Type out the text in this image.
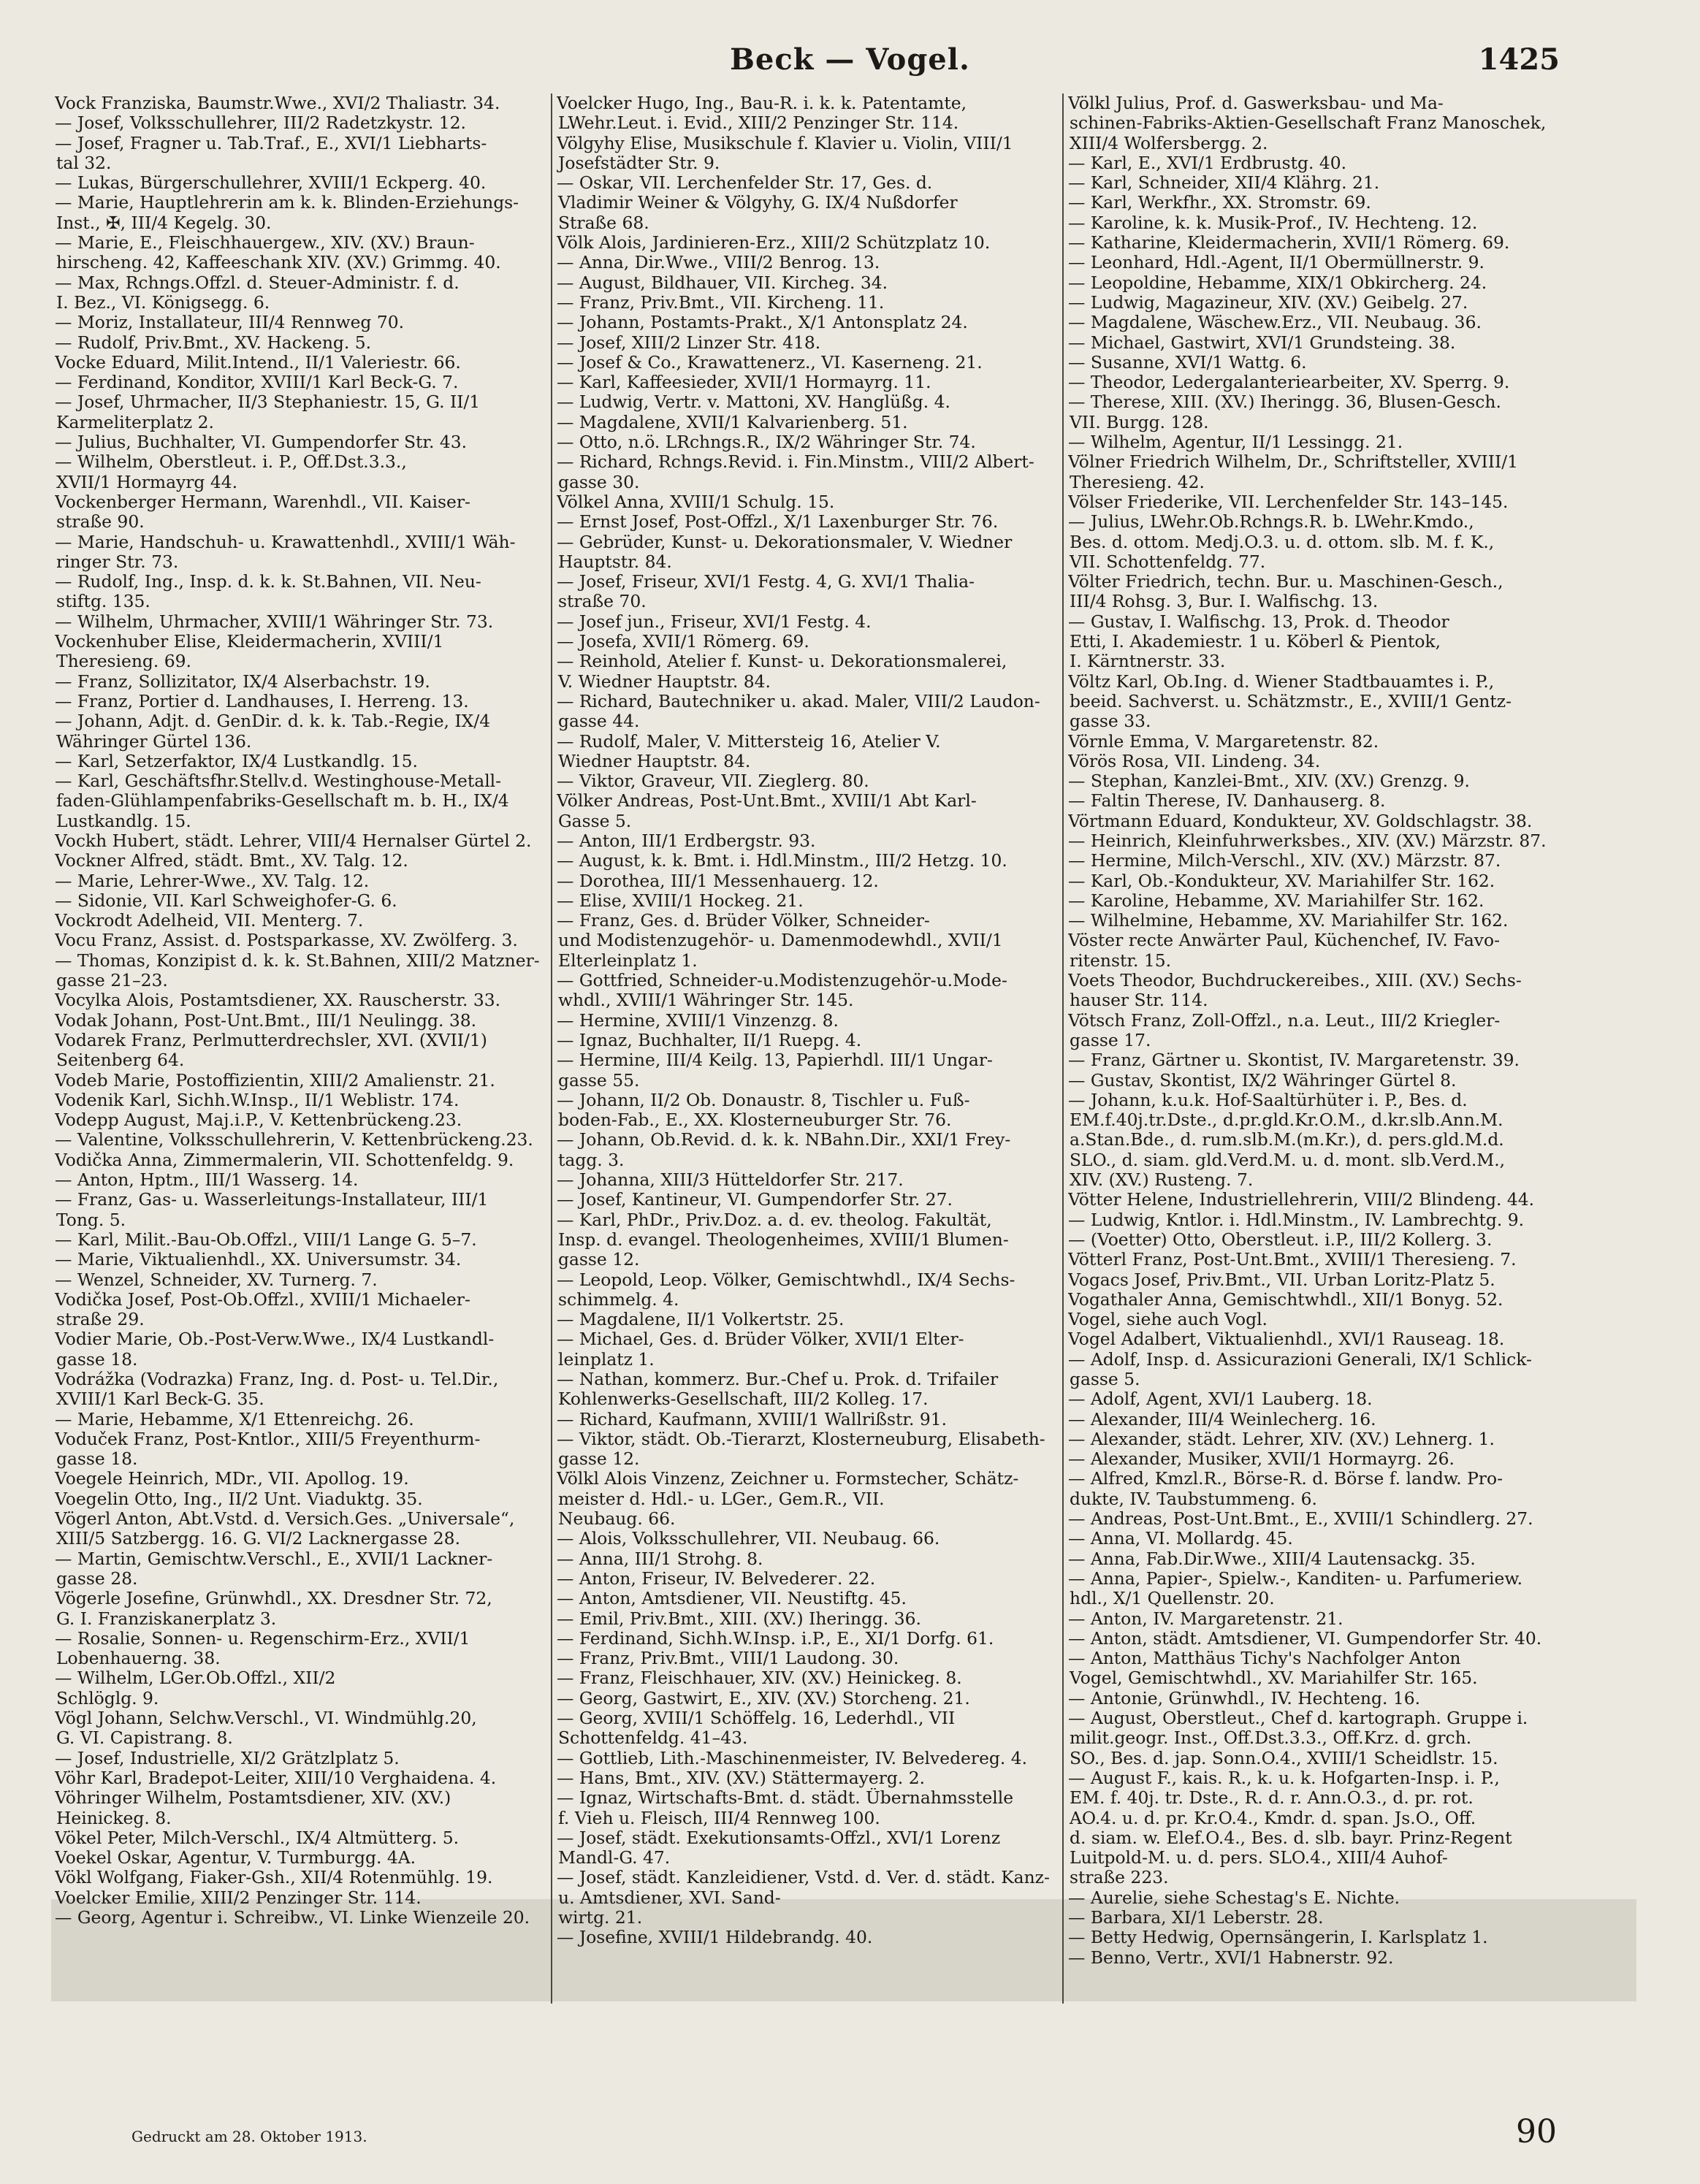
Beck — Vogel.	1425
Vock Franziska, Baumstr.Wwe., XVI/2 Thaliastr. 34.
— Josef, Volksschullehrer, III/2 Radetzkystr. 12.
— Josef, Fragner u. Tab.Traf., E., XVI/1 Liebharts-
tal 32.
— Lukas, Bürgerschullehrer, XVIII/1 Eckperg. 40.
— Marie, Hauptlehrerin am k. k. Blinden-Erziehungs-
Inst., ✠, III/4 Kegelg. 30.
— Marie, E., Fleischhauergew., XIV. (XV.) Braun-
hirscheng. 42, Kaffeeschank XIV. (XV.) Grimmg. 40.
— Max, Rchngs.Offzl. d. Steuer-Administr. f. d.
I. Bez., VI. Königsegg. 6.
— Moriz, Installateur, III/4 Rennweg 70.
— Rudolf, Priv.Bmt., XV. Hackeng. 5.
Vocke Eduard, Milit.Intend., II/1 Valeriestr. 66.
— Ferdinand, Konditor, XVIII/1 Karl Beck-G. 7.
— Josef, Uhrmacher, II/3 Stephaniestr. 15, G. II/1
Karmeliterplatz 2.
— Julius, Buchhalter, VI. Gumpendorfer Str. 43.
— Wilhelm, Oberstleut. i. P., Off.Dst.3.3.,
XVII/1 Hormayrg 44.
Vockenberger Hermann, Warenhdl., VII. Kaiser-
straße 90.
— Marie, Handschuh- u. Krawattenhdl., XVIII/1 Wäh-
ringer Str. 73.
— Rudolf, Ing., Insp. d. k. k. St.Bahnen, VII. Neu-
stiftg. 135.
— Wilhelm, Uhrmacher, XVIII/1 Währinger Str. 73.
Vockenhuber Elise, Kleidermacherin, XVIII/1
Theresieng. 69.
— Franz, Sollizitator, IX/4 Alserbachstr. 19.
— Franz, Portier d. Landhauses, I. Herreng. 13.
— Johann, Adjt. d. GenDir. d. k. k. Tab.-Regie, IX/4
Währinger Gürtel 136.
— Karl, Setzerfaktor, IX/4 Lustkandlg. 15.
— Karl, Geschäftsfhr.Stellv.d. Westinghouse-Metall-
faden-Glühlampenfabriks-Gesellschaft m. b. H., IX/4
Lustkandlg. 15.
Vockh Hubert, städt. Lehrer, VIII/4 Hernalser Gürtel 2.
Vockner Alfred, städt. Bmt., XV. Talg. 12.
— Marie, Lehrer-Wwe., XV. Talg. 12.
— Sidonie, VII. Karl Schweighofer-G. 6.
Vockrodt Adelheid, VII. Menterg. 7.
Vocu Franz, Assist. d. Postsparkasse, XV. Zwölferg. 3.
— Thomas, Konzipist d. k. k. St.Bahnen, XIII/2 Matzner-
gasse 21–23.
Vocylka Alois, Postamtsdiener, XX. Rauscherstr. 33.
Vodak Johann, Post-Unt.Bmt., III/1 Neulingg. 38.
Vodarek Franz, Perlmutterdrechsler, XVI. (XVII/1)
Seitenberg 64.
Vodeb Marie, Postoffizientin, XIII/2 Amalienstr. 21.
Vodenik Karl, Sichh.W.Insp., II/1 Weblistr. 174.
Vodepp August, Maj.i.P., V. Kettenbrückeng.23.
— Valentine, Volksschullehrerin, V. Kettenbrückeng.23.
Vodička Anna, Zimmermalerin, VII. Schottenfeldg. 9.
— Anton, Hptm., III/1 Wasserg. 14.
— Franz, Gas- u. Wasserleitungs-Installateur, III/1
Tong. 5.
— Karl, Milit.-Bau-Ob.Offzl., VIII/1 Lange G. 5–7.
— Marie, Viktualienhdl., XX. Universumstr. 34.
— Wenzel, Schneider, XV. Turnerg. 7.
Vodička Josef, Post-Ob.Offzl., XVIII/1 Michaeler-
straße 29.
Vodier Marie, Ob.-Post-Verw.Wwe., IX/4 Lustkandl-
gasse 18.
Vodrážka (Vodrazka) Franz, Ing. d. Post- u. Tel.Dir.,
XVIII/1 Karl Beck-G. 35.
— Marie, Hebamme, X/1 Ettenreichg. 26.
Voduček Franz, Post-Kntlor., XIII/5 Freyenthurm-
gasse 18.
Voegele Heinrich, MDr., VII. Apollog. 19.
Voegelin Otto, Ing., II/2 Unt. Viaduktg. 35.
Vögerl Anton, Abt.Vstd. d. Versich.Ges. „Universale“,
XIII/5 Satzbergg. 16. G. VI/2 Lacknergasse 28.
— Martin, Gemischtw.Verschl., E., XVII/1 Lackner-
gasse 28.
Vögerle Josefine, Grünwhdl., XX. Dresdner Str. 72,
G. I. Franziskanerplatz 3.
— Rosalie, Sonnen- u. Regenschirm-Erz., XVII/1
Lobenhauerng. 38.
— Wilhelm, LGer.Ob.Offzl., XII/2
Schlöglg. 9.
Vögl Johann, Selchw.Verschl., VI. Windmühlg.20,
G. VI. Capistrang. 8.
— Josef, Industrielle, XI/2 Grätzlplatz 5.
Vöhr Karl, Bradepot-Leiter, XIII/10 Verghaidena. 4.
Vöhringer Wilhelm, Postamtsdiener, XIV. (XV.)
Heinickeg. 8.
Vökel Peter, Milch-Verschl., IX/4 Altmütterg. 5.
Voekel Oskar, Agentur, V. Turmburgg. 4A.
Vökl Wolfgang, Fiaker-Gsh., XII/4 Rotenmühlg. 19.
Voelcker Emilie, XIII/2 Penzinger Str. 114.
— Georg, Agentur i. Schreibw., VI. Linke Wienzeile 20.
Voelcker Hugo, Ing., Bau-R. i. k. k. Patentamte,
LWehr.Leut. i. Evid., XIII/2 Penzinger Str. 114.
Völgyhy Elise, Musikschule f. Klavier u. Violin, VIII/1
Josefstädter Str. 9.
— Oskar, VII. Lerchenfelder Str. 17, Ges. d.
Vladimir Weiner & Völgyhy, G. IX/4 Nußdorfer
Straße 68.
Völk Alois, Jardinieren-Erz., XIII/2 Schützplatz 10.
— Anna, Dir.Wwe., VIII/2 Benrog. 13.
— August, Bildhauer, VII. Kircheg. 34.
— Franz, Priv.Bmt., VII. Kircheng. 11.
— Johann, Postamts-Prakt., X/1 Antonsplatz 24.
— Josef, XIII/2 Linzer Str. 418.
— Josef & Co., Krawattenerz., VI. Kaserneng. 21.
— Karl, Kaffeesieder, XVII/1 Hormayrg. 11.
— Ludwig, Vertr. v. Mattoni, XV. Hanglüßg. 4.
— Magdalene, XVII/1 Kalvarienberg. 51.
— Otto, n.ö. LRchngs.R., IX/2 Währinger Str. 74.
— Richard, Rchngs.Revid. i. Fin.Minstm., VIII/2 Albert-
gasse 30.
Völkel Anna, XVIII/1 Schulg. 15.
— Ernst Josef, Post-Offzl., X/1 Laxenburger Str. 76.
— Gebrüder, Kunst- u. Dekorationsmaler, V. Wiedner
Hauptstr. 84.
— Josef, Friseur, XVI/1 Festg. 4, G. XVI/1 Thalia-
straße 70.
— Josef jun., Friseur, XVI/1 Festg. 4.
— Josefa, XVII/1 Römerg. 69.
— Reinhold, Atelier f. Kunst- u. Dekorationsmalerei,
V. Wiedner Hauptstr. 84.
— Richard, Bautechniker u. akad. Maler, VIII/2 Laudon-
gasse 44.
— Rudolf, Maler, V. Mittersteig 16, Atelier V.
Wiedner Hauptstr. 84.
— Viktor, Graveur, VII. Zieglerg. 80.
Völker Andreas, Post-Unt.Bmt., XVIII/1 Abt Karl-
Gasse 5.
— Anton, III/1 Erdbergstr. 93.
— August, k. k. Bmt. i. Hdl.Minstm., III/2 Hetzg. 10.
— Dorothea, III/1 Messenhauerg. 12.
— Elise, XVIII/1 Hockeg. 21.
— Franz, Ges. d. Brüder Völker, Schneider-
und Modistenzugehör- u. Damenmodewhdl., XVII/1
Elterleinplatz 1.
— Gottfried, Schneider-u.Modistenzugehör-u.Mode-
whdl., XVIII/1 Währinger Str. 145.
— Hermine, XVIII/1 Vinzenzg. 8.
— Ignaz, Buchhalter, II/1 Ruepg. 4.
— Hermine, III/4 Keilg. 13, Papierhdl. III/1 Ungar-
gasse 55.
— Johann, II/2 Ob. Donaustr. 8, Tischler u. Fuß-
boden-Fab., E., XX. Klosterneuburger Str. 76.
— Johann, Ob.Revid. d. k. k. NBahn.Dir., XXI/1 Frey-
tagg. 3.
— Johanna, XIII/3 Hütteldorfer Str. 217.
— Josef, Kantineur, VI. Gumpendorfer Str. 27.
— Karl, PhDr., Priv.Doz. a. d. ev. theolog. Fakultät,
Insp. d. evangel. Theologenheimes, XVIII/1 Blumen-
gasse 12.
— Leopold, Leop. Völker, Gemischtwhdl., IX/4 Sechs-
schimmelg. 4.
— Magdalene, II/1 Volkertstr. 25.
— Michael, Ges. d. Brüder Völker, XVII/1 Elter-
leinplatz 1.
— Nathan, kommerz. Bur.-Chef u. Prok. d. Trifailer
Kohlenwerks-Gesellschaft, III/2 Kolleg. 17.
— Richard, Kaufmann, XVIII/1 Wallrißstr. 91.
— Viktor, städt. Ob.-Tierarzt, Klosterneuburg, Elisabeth-
gasse 12.
Völkl Alois Vinzenz, Zeichner u. Formstecher, Schätz-
meister d. Hdl.- u. LGer., Gem.R., VII.
Neubaug. 66.
— Alois, Volksschullehrer, VII. Neubaug. 66.
— Anna, III/1 Strohg. 8.
— Anton, Friseur, IV. Belvederег. 22.
— Anton, Amtsdiener, VII. Neustiftg. 45.
— Emil, Priv.Bmt., XIII. (XV.) Iheringg. 36.
— Ferdinand, Sichh.W.Insp. i.P., E., XI/1 Dorfg. 61.
— Franz, Priv.Bmt., VIII/1 Laudong. 30.
— Franz, Fleischhauer, XIV. (XV.) Heinickeg. 8.
— Georg, Gastwirt, E., XIV. (XV.) Storcheng. 21.
— Georg, XVIII/1 Schöffelg. 16, Lederhdl., VII
Schottenfeldg. 41–43.
— Gottlieb, Lith.-Maschinenmeister, IV. Belvedereg. 4.
— Hans, Bmt., XIV. (XV.) Stättermayerg. 2.
— Ignaz, Wirtschafts-Bmt. d. städt. Übernahmsstelle
f. Vieh u. Fleisch, III/4 Rennweg 100.
— Josef, städt. Exekutionsamts-Offzl., XVI/1 Lorenz
Mandl-G. 47.
— Josef, städt. Kanzleidiener, Vstd. d. Ver. d. städt. Kanz-
u. Amtsdiener, XVI. Sand-
wirtg. 21.
— Josefine, XVIII/1 Hildebrandg. 40.
Völkl Julius, Prof. d. Gaswerksbau- und Ma-
schinen-Fabriks-Aktien-Gesellschaft Franz Manoschek,
XIII/4 Wolfersbergg. 2.
— Karl, E., XVI/1 Erdbrustg. 40.
— Karl, Schneider, XII/4 Klährg. 21.
— Karl, Werkfhr., XX. Stromstr. 69.
— Karoline, k. k. Musik-Prof., IV. Hechteng. 12.
— Katharine, Kleidermacherin, XVII/1 Römerg. 69.
— Leonhard, Hdl.-Agent, II/1 Obermüllnerstr. 9.
— Leopoldine, Hebamme, XIX/1 Obkircherg. 24.
— Ludwig, Magazineur, XIV. (XV.) Geibelg. 27.
— Magdalene, Wäschew.Erz., VII. Neubaug. 36.
— Michael, Gastwirt, XVI/1 Grundsteing. 38.
— Susanne, XVI/1 Wattg. 6.
— Theodor, Ledergalanteriearbeiter, XV. Sperrg. 9.
— Therese, XIII. (XV.) Iheringg. 36, Blusen-Gesch.
VII. Burgg. 128.
— Wilhelm, Agentur, II/1 Lessingg. 21.
Völner Friedrich Wilhelm, Dr., Schriftsteller, XVIII/1
Theresieng. 42.
Völser Friederike, VII. Lerchenfelder Str. 143–145.
— Julius, LWehr.Ob.Rchngs.R. b. LWehr.Kmdo.,
Bes. d. ottom. Medj.O.3. u. d. ottom. slb. M. f. K.,
VII. Schottenfeldg. 77.
Völter Friedrich, techn. Bur. u. Maschinen-Gesch.,
III/4 Rohsg. 3, Bur. I. Walfischg. 13.
— Gustav, I. Walfischg. 13, Prok. d. Theodor
Etti, I. Akademiestr. 1 u. Köberl & Pientok,
I. Kärntnerstr. 33.
Völtz Karl, Ob.Ing. d. Wiener Stadtbauamtes i. P.,
beeid. Sachverst. u. Schätzmstr., E., XVIII/1 Gentz-
gasse 33.
Vörnle Emma, V. Margaretenstr. 82.
Vörös Rosa, VII. Lindeng. 34.
— Stephan, Kanzlei-Bmt., XIV. (XV.) Grenzg. 9.
— Faltin Therese, IV. Danhauserg. 8.
Vörtmann Eduard, Kondukteur, XV. Goldschlagstr. 38.
— Heinrich, Kleinfuhrwerksbes., XIV. (XV.) Märzstr. 87.
— Hermine, Milch-Verschl., XIV. (XV.) Märzstr. 87.
— Karl, Ob.-Kondukteur, XV. Mariahilfer Str. 162.
— Karoline, Hebamme, XV. Mariahilfer Str. 162.
— Wilhelmine, Hebamme, XV. Mariahilfer Str. 162.
Vöster recte Anwärter Paul, Küchenchef, IV. Favo-
ritenstr. 15.
Voets Theodor, Buchdruckereibes., XIII. (XV.) Sechs-
hauser Str. 114.
Vötsch Franz, Zoll-Offzl., n.a. Leut., III/2 Kriegler-
gasse 17.
— Franz, Gärtner u. Skontist, IV. Margaretenstr. 39.
— Gustav, Skontist, IX/2 Währinger Gürtel 8.
— Johann, k.u.k. Hof-Saaltürhüter i. P., Bes. d.
EM.f.40j.tr.Dste., d.pr.gld.Kr.O.M., d.kr.slb.Ann.M.
a.Stan.Bde., d. rum.slb.M.(m.Kr.), d. pers.gld.M.d.
SLO., d. siam. gld.Verd.M. u. d. mont. slb.Verd.M.,
XIV. (XV.) Rusteng. 7.
Vötter Helene, Industriellehrerin, VIII/2 Blindeng. 44.
— Ludwig, Kntlor. i. Hdl.Minstm., IV. Lambrechtg. 9.
— (Voetter) Otto, Oberstleut. i.P., III/2 Kollerg. 3.
Vötterl Franz, Post-Unt.Bmt., XVIII/1 Theresieng. 7.
Vogacs Josef, Priv.Bmt., VII. Urban Loritz-Platz 5.
Vogathaler Anna, Gemischtwhdl., XII/1 Bonyg. 52.
Vogel, siehe auch Vogl.
Vogel Adalbert, Viktualienhdl., XVI/1 Rauseag. 18.
— Adolf, Insp. d. Assicurazioni Generali, IX/1 Schlick-
gasse 5.
— Adolf, Agent, XVI/1 Lauberg. 18.
— Alexander, III/4 Weinlecherg. 16.
— Alexander, städt. Lehrer, XIV. (XV.) Lehnerg. 1.
— Alexander, Musiker, XVII/1 Hormayrg. 26.
— Alfred, Kmzl.R., Börse-R. d. Börse f. landw. Pro-
dukte, IV. Taubstummeng. 6.
— Andreas, Post-Unt.Bmt., E., XVIII/1 Schindlerg. 27.
— Anna, VI. Mollardg. 45.
— Anna, Fab.Dir.Wwe., XIII/4 Lautensackg. 35.
— Anna, Papier-, Spielw.-, Kanditen- u. Parfumeriew.
hdl., X/1 Quellenstr. 20.
— Anton, IV. Margaretenstr. 21.
— Anton, städt. Amtsdiener, VI. Gumpendorfer Str. 40.
— Anton, Matthäus Tichy's Nachfolger Anton
Vogel, Gemischtwhdl., XV. Mariahilfer Str. 165.
— Antonie, Grünwhdl., IV. Hechteng. 16.
— August, Oberstleut., Chef d. kartograph. Gruppe i.
milit.geogr. Inst., Off.Dst.3.3., Off.Krz. d. grch.
SO., Bes. d. jap. Sonn.O.4., XVIII/1 Scheidlstr. 15.
— August F., kais. R., k. u. k. Hofgarten-Insp. i. P.,
EM. f. 40j. tr. Dste., R. d. r. Ann.O.3., d. pr. rot.
AO.4. u. d. pr. Kr.O.4., Kmdr. d. span. Js.O., Off.
d. siam. w. Elef.O.4., Bes. d. slb. bayr. Prinz-Regent
Luitpold-M. u. d. pers. SLO.4., XIII/4 Auhof-
straße 223.
— Aurelie, siehe Schestag's E. Nichte.
— Barbara, XI/1 Leberstr. 28.
— Betty Hedwig, Opernsängerin, I. Karlsplatz 1.
— Benno, Vertr., XVI/1 Habnerstr. 92.
Gedruckt am 28. Oktober 1913.	90
